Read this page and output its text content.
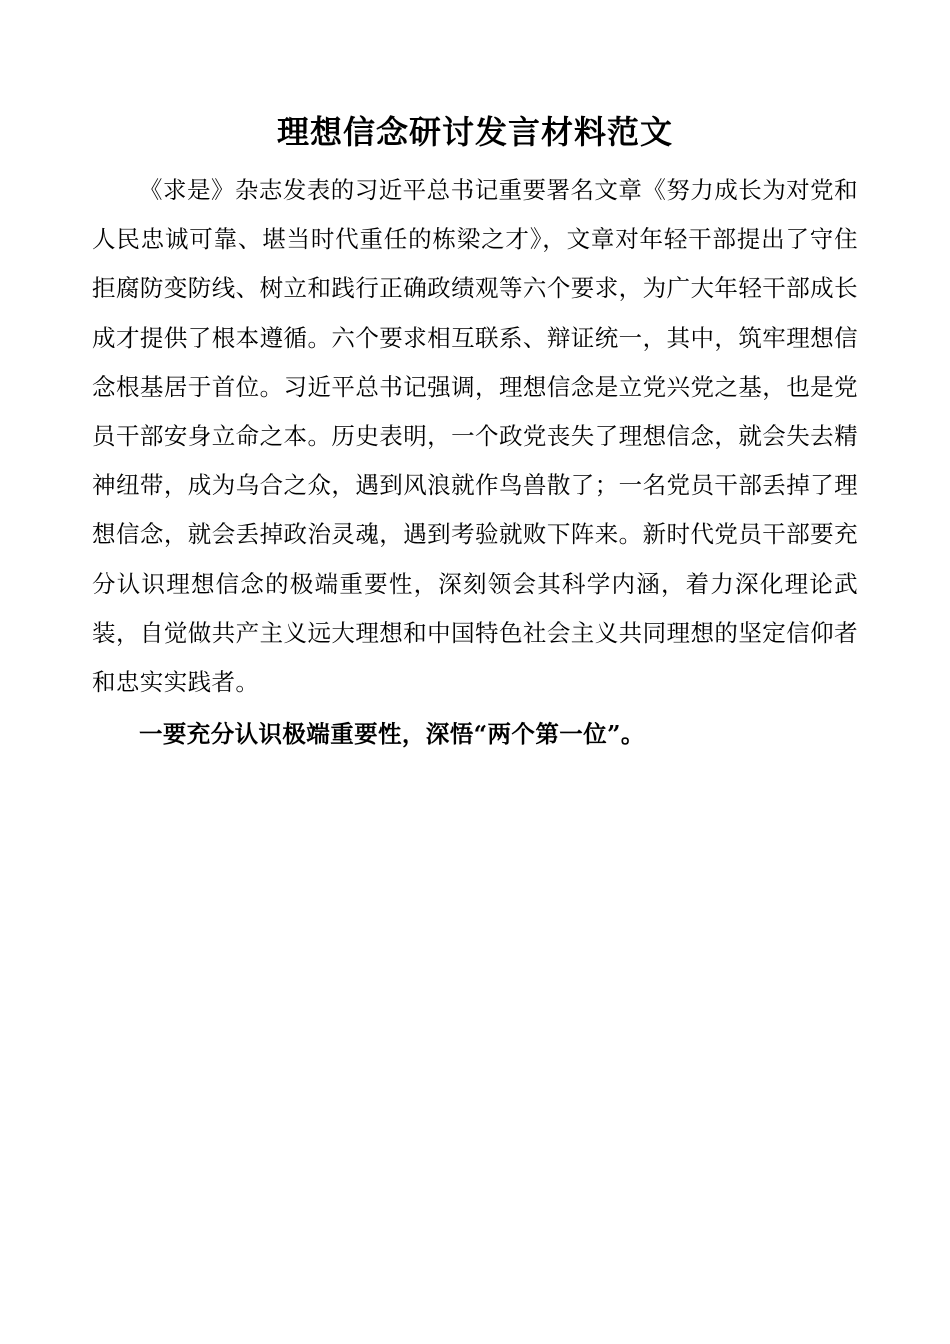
理想信念研讨发言材料范文

《求是》杂志发表的习近平总书记重要署名文章《努力成长为对党和人民忠诚可靠、堪当时代重任的栋梁之才》，文章对年轻干部提出了守住拒腐防变防线、树立和践行正确政绩观等六个要求，为广大年轻干部成长成才提供了根本遵循。六个要求相互联系、辩证统一，其中，筑牢理想信念根基居于首位。习近平总书记强调，理想信念是立党兴党之基，也是党员干部安身立命之本。历史表明，一个政党丧失了理想信念，就会失去精神纽带，成为乌合之众，遇到风浪就作鸟兽散了；一名党员干部丢掉了理想信念，就会丢掉政治灵魂，遇到考验就败下阵来。新时代党员干部要充分认识理想信念的极端重要性，深刻领会其科学内涵，着力深化理论武装，自觉做共产主义远大理想和中国特色社会主义共同理想的坚定信仰者和忠实实践者。

一要充分认识极端重要性，深悟“两个第一位”。
